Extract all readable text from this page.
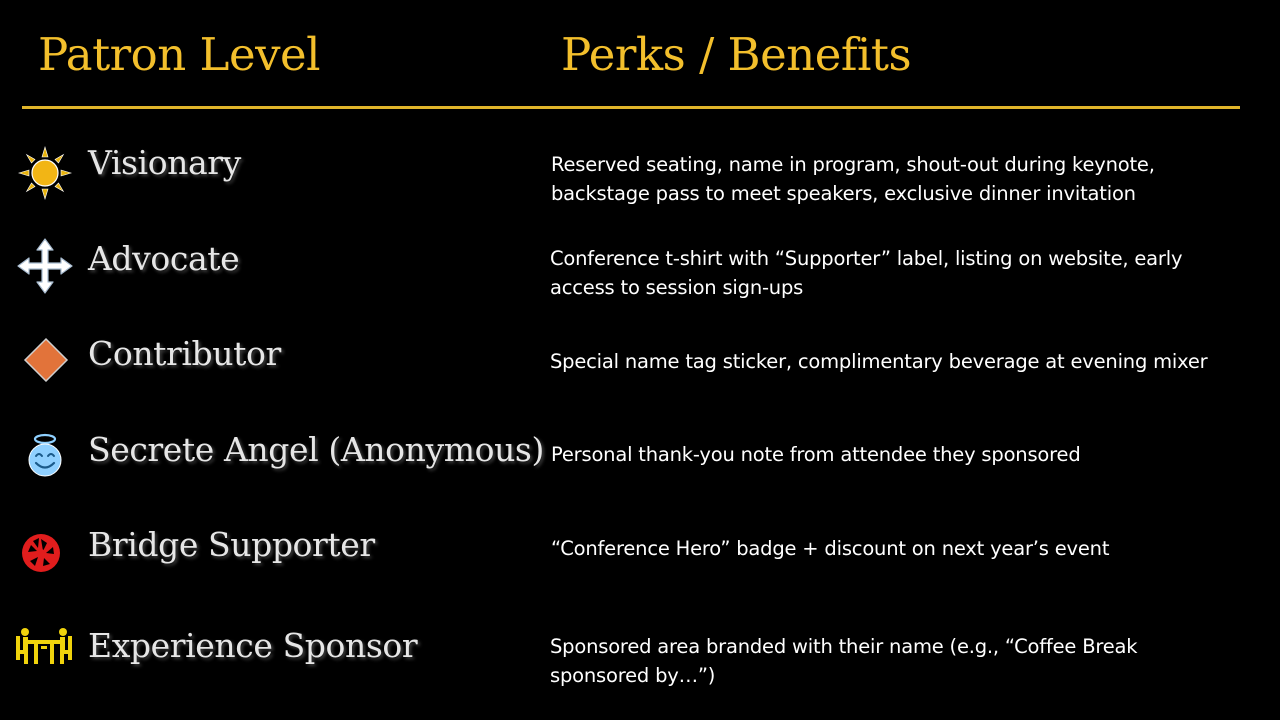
Patron Level	Perks / Benefits
Visionary	Reserved seating, name in program, shout-out during keynote, backstage pass to meet speakers, exclusive dinner invitation
Advocate	Conference t-shirt with “Supporter” label, listing on website, early access to session sign-ups
Contributor	Special name tag sticker, complimentary beverage at evening mixer
Secrete Angel (Anonymous) Personal thank-you note from attendee they sponsored
Bridge Supporter	“Conference Hero” badge + discount on next year’s event
Experience Sponsor	Sponsored area branded with their name (e.g., “Coffee Break sponsored by…”)
